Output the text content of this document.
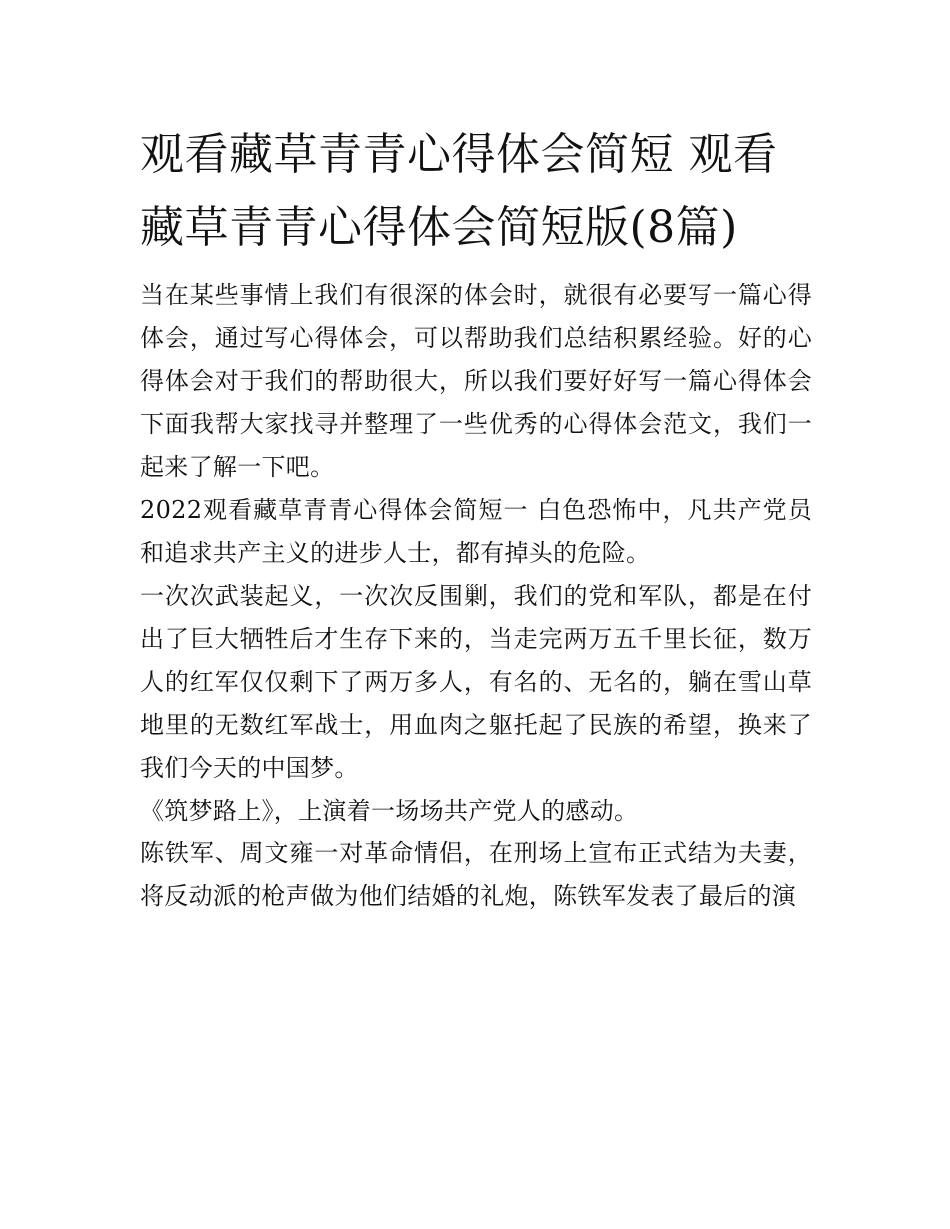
观看藏草青青心得体会简短 观看藏草青青心得体会简短版(8篇)

当在某些事情上我们有很深的体会时，就很有必要写一篇心得体会，通过写心得体会，可以帮助我们总结积累经验。好的心得体会对于我们的帮助很大，所以我们要好好写一篇心得体会下面我帮大家找寻并整理了一些优秀的心得体会范文，我们一起来了解一下吧。

2022观看藏草青青心得体会简短一 白色恐怖中，凡共产党员和追求共产主义的进步人士，都有掉头的危险。

一次次武装起义，一次次反围剿，我们的党和军队，都是在付出了巨大牺牲后才生存下来的，当走完两万五千里长征，数万人的红军仅仅剩下了两万多人，有名的、无名的，躺在雪山草地里的无数红军战士，用血肉之躯托起了民族的希望，换来了我们今天的中国梦。

《筑梦路上》，上演着一场场共产党人的感动。

陈铁军、周文雍一对革命情侣，在刑场上宣布正式结为夫妻，将反动派的枪声做为他们结婚的礼炮，陈铁军发表了最后的演
